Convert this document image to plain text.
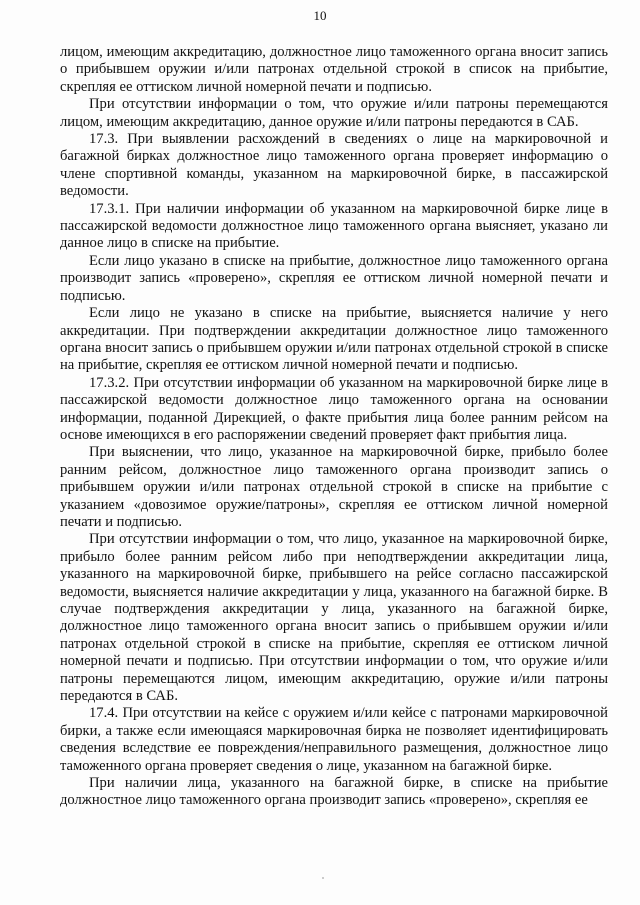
10

лицом, имеющим аккредитацию, должностное лицо таможенного органа вносит запись о прибывшем оружии и/или патронах отдельной строкой в список на прибытие, скрепляя ее оттиском личной номерной печати и подписью.

При отсутствии информации о том, что оружие и/или патроны перемещаются лицом, имеющим аккредитацию, данное оружие и/или патроны передаются в САБ.

17.3. При выявлении расхождений в сведениях о лице на маркировочной и багажной бирках должностное лицо таможенного органа проверяет информацию о члене спортивной команды, указанном на маркировочной бирке, в пассажирской ведомости.

17.3.1. При наличии информации об указанном на маркировочной бирке лице в пассажирской ведомости должностное лицо таможенного органа выясняет, указано ли данное лицо в списке на прибытие.

Если лицо указано в списке на прибытие, должностное лицо таможенного органа производит запись «проверено», скрепляя ее оттиском личной номерной печати и подписью.

Если лицо не указано в списке на прибытие, выясняется наличие у него аккредитации. При подтверждении аккредитации должностное лицо таможенного органа вносит запись о прибывшем оружии и/или патронах отдельной строкой в списке на прибытие, скрепляя ее оттиском личной номерной печати и подписью.

17.3.2. При отсутствии информации об указанном на маркировочной бирке лице в пассажирской ведомости должностное лицо таможенного органа на основании информации, поданной Дирекцией, о факте прибытия лица более ранним рейсом на основе имеющихся в его распоряжении сведений проверяет факт прибытия лица.

При выяснении, что лицо, указанное на маркировочной бирке, прибыло более ранним рейсом, должностное лицо таможенного органа производит запись о прибывшем оружии и/или патронах отдельной строкой в списке на прибытие с указанием «довозимое оружие/патроны», скрепляя ее оттиском личной номерной печати и подписью.

При отсутствии информации о том, что лицо, указанное на маркировочной бирке, прибыло более ранним рейсом либо при неподтверждении аккредитации лица, указанного на маркировочной бирке, прибывшего на рейсе согласно пассажирской ведомости, выясняется наличие аккредитации у лица, указанного на багажной бирке. В случае подтверждения аккредитации у лица, указанного на багажной бирке, должностное лицо таможенного органа вносит запись о прибывшем оружии и/или патронах отдельной строкой в списке на прибытие, скрепляя ее оттиском личной номерной печати и подписью. При отсутствии информации о том, что оружие и/или патроны перемещаются лицом, имеющим аккредитацию, оружие и/или патроны передаются в САБ.

17.4. При отсутствии на кейсе с оружием и/или кейсе с патронами маркировочной бирки, а также если имеющаяся маркировочная бирка не позволяет идентифицировать сведения вследствие ее повреждения/неправильного размещения, должностное лицо таможенного органа проверяет сведения о лице, указанном на багажной бирке.

При наличии лица, указанного на багажной бирке, в списке на прибытие должностное лицо таможенного органа производит запись «проверено», скрепляя ее
